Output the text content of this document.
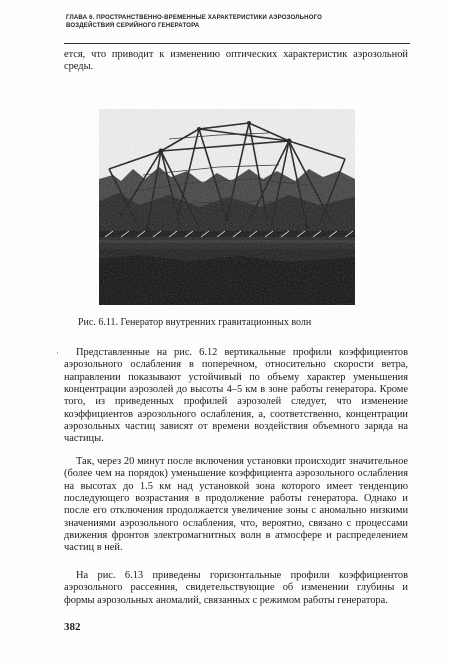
ГЛАВА 6. ПРОСТРАНСТВЕННО-ВРЕМЕННЫЕ ХАРАКТЕРИСТИКИ АЭРОЗОЛЬНОГО
ВОЗДЕЙСТВИЯ СЕРИЙНОГО ГЕНЕРАТОРА
ется, что приводит к изменению оптических характеристик аэрозольной среды.
Рис. 6.11. Генератор внутренних гравитационных волн
·	Представленные на рис. 6.12 вертикальные профили коэффициентов аэрозольного ослабления в поперечном, относительно скорости ветра, направлении показывают устойчивый по объему характер уменьшения концентрации аэрозолей до высоты 4–5 км в зоне работы генератора. Кроме того, из приведенных профилей аэрозолей следует, что изменение коэффициентов аэрозольного ослабления, а, соответственно, концентрации аэрозольных частиц зависят от времени воздействия объемного заряда на частицы.
Так, через 20 минут после включения установки происходит значительное (более чем на порядок) уменьшение коэффициента аэрозольного ослабления на высотах до 1.5 км над установкой зона которого имеет тенденцию последующего возрастания в продолжение работы генератора. Однако и после его отключения продолжается увеличение зоны с аномально низкими значениями аэрозольного ослабления, что, вероятно, связано с процессами движения фронтов электромагнитных волн в атмосфере и распределением частиц в ней.
На рис. 6.13 приведены горизонтальные профили коэффициентов аэрозольного рассеяния, свидетельствующие об изменении глубины и формы аэрозольных аномалий, связанных с режимом работы генератора.
382
